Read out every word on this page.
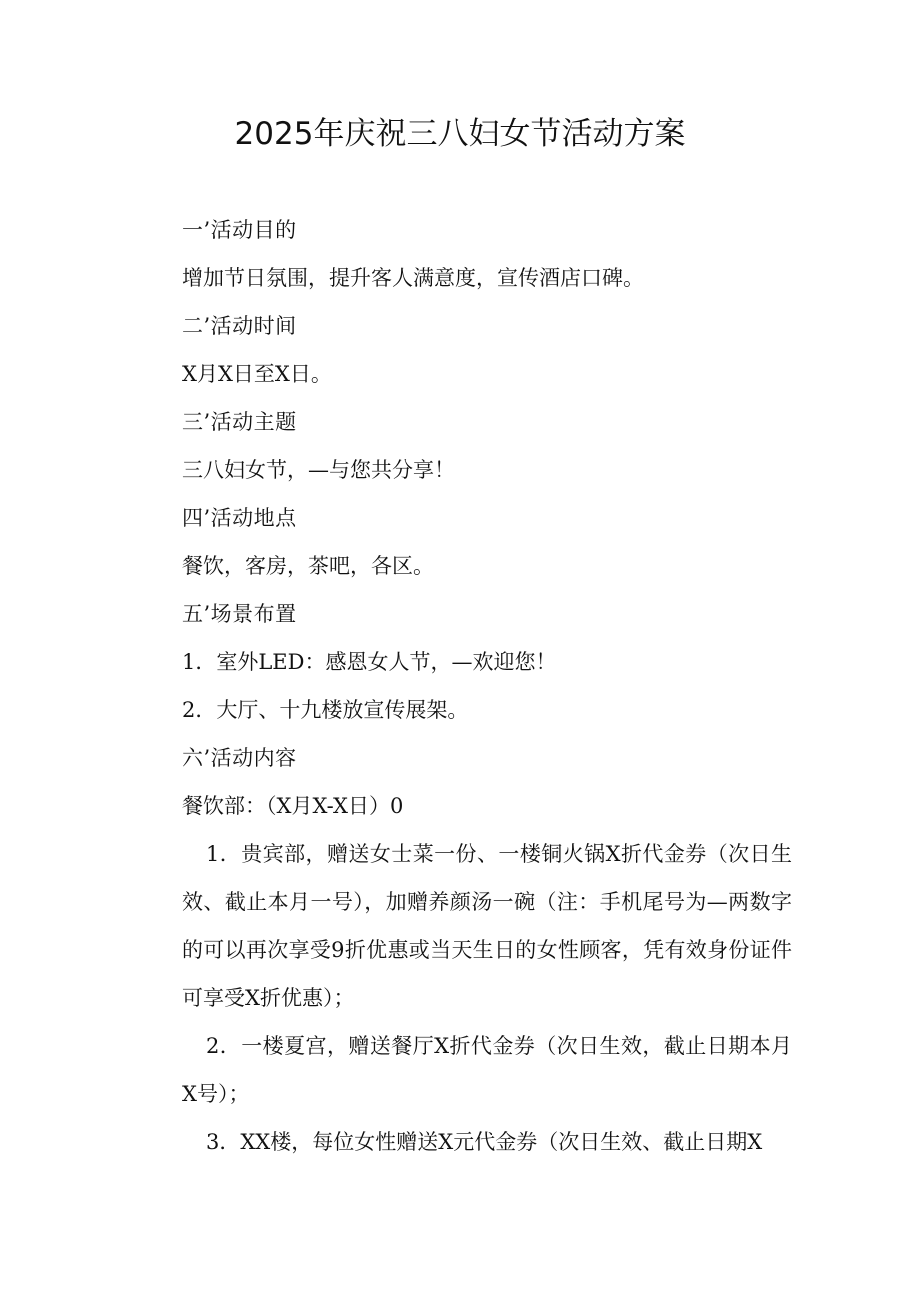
2025年庆祝三八妇女节活动方案
一’活动目的
增加节日氛围，提升客人满意度，宣传酒店口碑。
二’活动时间
X月X日至X日。
三’活动主题
三八妇女节，—与您共分享！
四’活动地点
餐饮，客房，茶吧，各区。
五’场景布置
1．室外LED：感恩女人节，—欢迎您！
2．大厅、十九楼放宣传展架。
六’活动内容
餐饮部：（X月X-X日）0
1．贵宾部，赠送女士菜一份、一楼铜火锅X折代金券（次日生效、截止本月一号），加赠养颜汤一碗（注：手机尾号为—两数字的可以再次享受9折优惠或当天生日的女性顾客，凭有效身份证件可享受X折优惠）；
2．一楼夏宫，赠送餐厅X折代金券（次日生效，截止日期本月X号）；
3．XX楼，每位女性赠送X元代金券（次日生效、截止日期X
